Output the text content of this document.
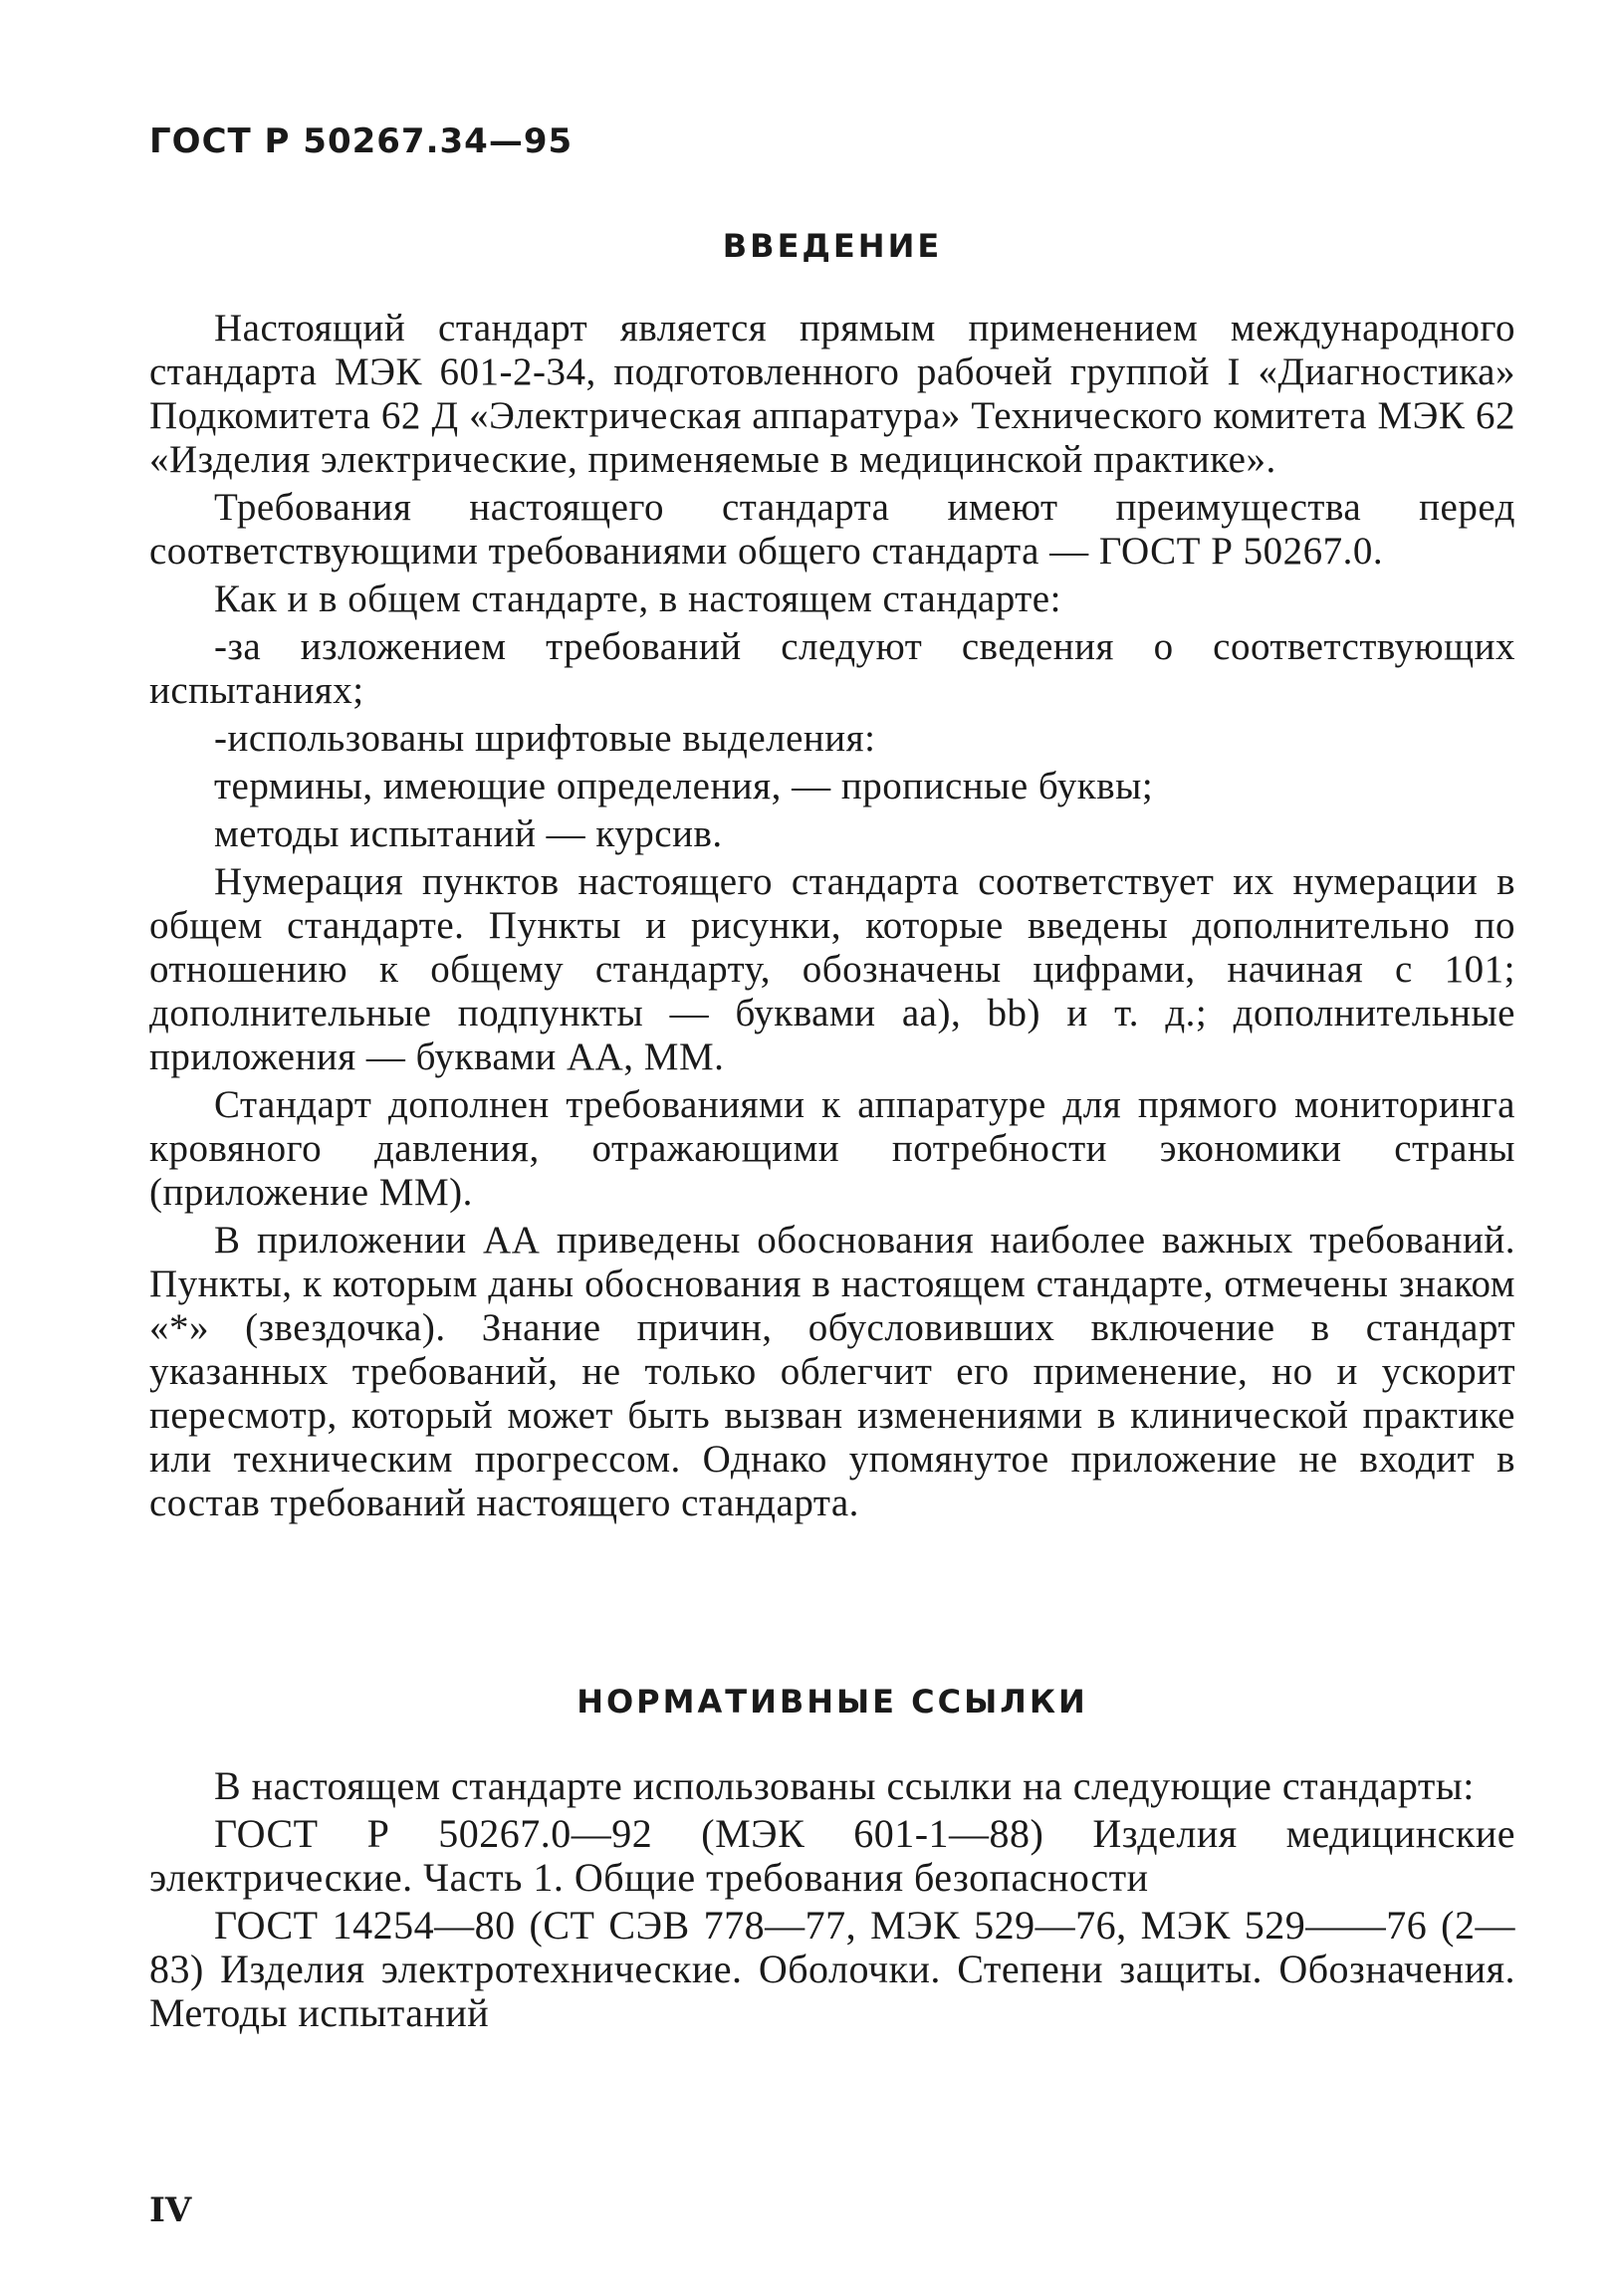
ГОСТ Р 50267.34—95
ВВЕДЕНИЕ

Настоящий стандарт является прямым применением международного стандарта МЭК 601-2-34, подготовленного рабочей группой I «Диагностика» Подкомитета 62 Д «Электрическая аппаратура» Технического комитета МЭК 62 «Изделия электрические, применяемые в медицинской практике».

Требования настоящего стандарта имеют преимущества перед соответствующими требованиями общего стандарта — ГОСТ Р 50267.0.

Как и в общем стандарте, в настоящем стандарте:

-за изложением требований следуют сведения о соответствующих испытаниях;

-использованы шрифтовые выделения:

термины, имеющие определения, — прописные буквы;

методы испытаний — курсив.

Нумерация пунктов настоящего стандарта соответствует их нумерации в общем стандарте. Пункты и рисунки, которые введены дополнительно по отношению к общему стандарту, обозначены цифрами, начиная с 101; дополнительные подпункты — буквами аа), bb) и т. д.; дополнительные приложения — буквами АА, ММ.

Стандарт дополнен требованиями к аппаратуре для прямого мониторинга кровяного давления, отражающими потребности экономики страны (приложение ММ).

В приложении АА приведены обоснования наиболее важных требований. Пункты, к которым даны обоснования в настоящем стандарте, отмечены знаком «*» (звездочка). Знание причин, обусловивших включение в стандарт указанных требований, не только облегчит его применение, но и ускорит пересмотр, который может быть вызван изменениями в клинической практике или техническим прогрессом. Однако упомянутое приложение не входит в состав требований настоящего стандарта.

НОРМАТИВНЫЕ ССЫЛКИ

В настоящем стандарте использованы ссылки на следующие стандарты:

ГОСТ Р 50267.0—92 (МЭК 601-1—88) Изделия медицинские электрические. Часть 1. Общие требования безопасности

ГОСТ 14254—80 (СТ СЭВ 778—77, МЭК 529—76, МЭК 529——76 (2—83) Изделия электротехнические. Оболочки. Степени защиты. Обозначения. Методы испытаний

IV
